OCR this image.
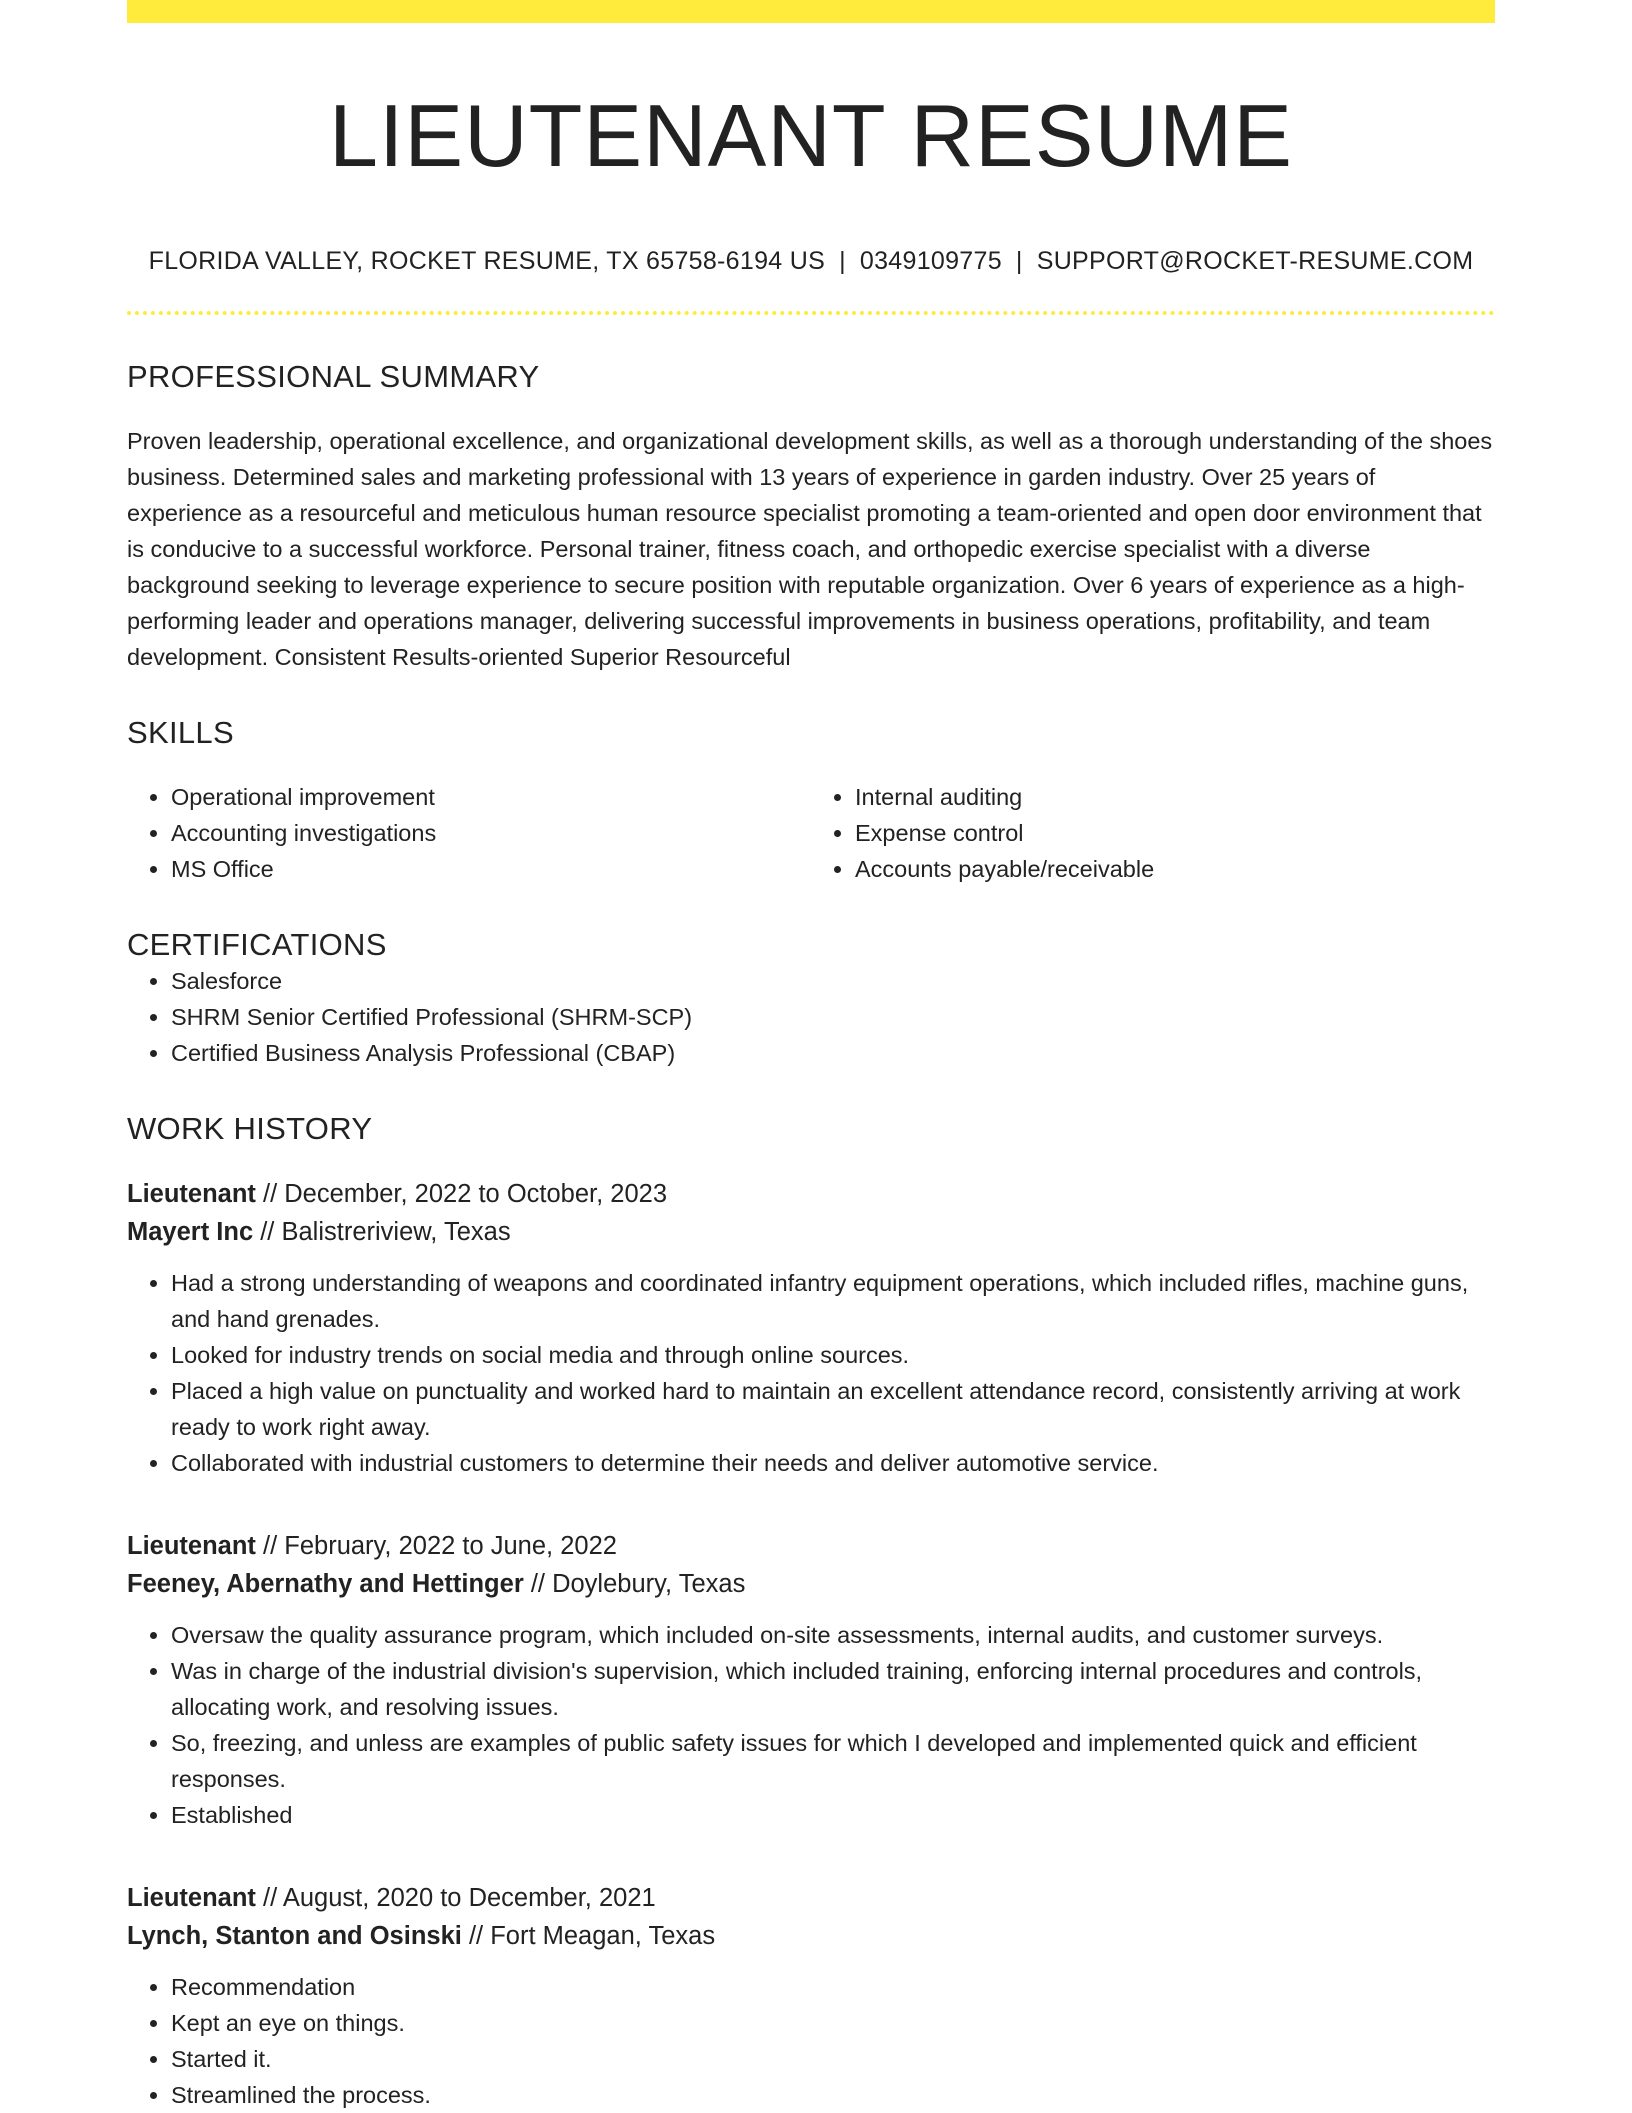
LIEUTENANT RESUME
FLORIDA VALLEY, ROCKET RESUME, TX 65758-6194 US | 0349109775 | SUPPORT@ROCKET-RESUME.COM
PROFESSIONAL SUMMARY
Proven leadership, operational excellence, and organizational development skills, as well as a thorough understanding of the shoes business. Determined sales and marketing professional with 13 years of experience in garden industry. Over 25 years of experience as a resourceful and meticulous human resource specialist promoting a team-oriented and open door environment that is conducive to a successful workforce. Personal trainer, fitness coach, and orthopedic exercise specialist with a diverse background seeking to leverage experience to secure position with reputable organization. Over 6 years of experience as a high-performing leader and operations manager, delivering successful improvements in business operations, profitability, and team development. Consistent Results-oriented Superior Resourceful
SKILLS
• Operational improvement
• Accounting investigations
• MS Office
• Internal auditing
• Expense control
• Accounts payable/receivable
CERTIFICATIONS
• Salesforce
• SHRM Senior Certified Professional (SHRM-SCP)
• Certified Business Analysis Professional (CBAP)
WORK HISTORY
Lieutenant // December, 2022 to October, 2023
Mayert Inc // Balistreriview, Texas
• Had a strong understanding of weapons and coordinated infantry equipment operations, which included rifles, machine guns, and hand grenades.
• Looked for industry trends on social media and through online sources.
• Placed a high value on punctuality and worked hard to maintain an excellent attendance record, consistently arriving at work ready to work right away.
• Collaborated with industrial customers to determine their needs and deliver automotive service.
Lieutenant // February, 2022 to June, 2022
Feeney, Abernathy and Hettinger // Doylebury, Texas
• Oversaw the quality assurance program, which included on-site assessments, internal audits, and customer surveys.
• Was in charge of the industrial division's supervision, which included training, enforcing internal procedures and controls, allocating work, and resolving issues.
• So, freezing, and unless are examples of public safety issues for which I developed and implemented quick and efficient responses.
• Established
Lieutenant // August, 2020 to December, 2021
Lynch, Stanton and Osinski // Fort Meagan, Texas
• Recommendation
• Kept an eye on things.
• Started it.
• Streamlined the process.
